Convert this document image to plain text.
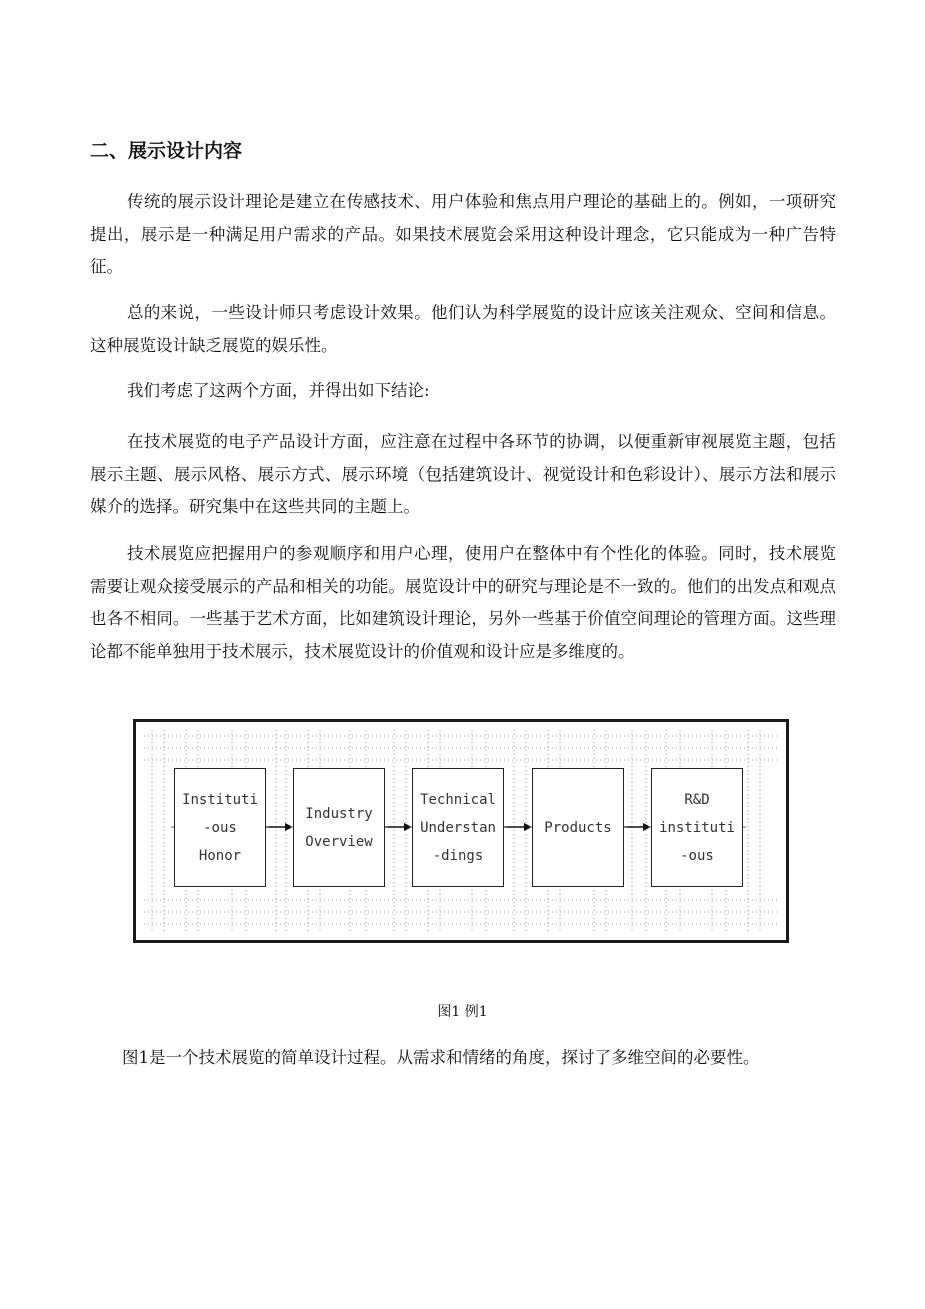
二、展示设计内容

传统的展示设计理论是建立在传感技术、用户体验和焦点用户理论的基础上的。例如，一项研究提出，展示是一种满足用户需求的产品。如果技术展览会采用这种设计理念，它只能成为一种广告特征。

总的来说，一些设计师只考虑设计效果。他们认为科学展览的设计应该关注观众、空间和信息。这种展览设计缺乏展览的娱乐性。

我们考虑了这两个方面，并得出如下结论:

在技术展览的电子产品设计方面，应注意在过程中各环节的协调，以便重新审视展览主题，包括展示主题、展示风格、展示方式、展示环境（包括建筑设计、视觉设计和色彩设计）、展示方法和展示媒介的选择。研究集中在这些共同的主题上。

技术展览应把握用户的参观顺序和用户心理，使用户在整体中有个性化的体验。同时，技术展览需要让观众接受展示的产品和相关的功能。展览设计中的研究与理论是不一致的。他们的出发点和观点也各不相同。一些基于艺术方面，比如建筑设计理论，另外一些基于价值空间理论的管理方面。这些理论都不能单独用于技术展示，技术展览设计的价值观和设计应是多维度的。

Instituti
-ous
Honor
Industry
Overview
Technical
Understan
-dings
Products
R&D
instituti
-ous

图1 例1

图1是一个技术展览的简单设计过程。从需求和情绪的角度，探讨了多维空间的必要性。
